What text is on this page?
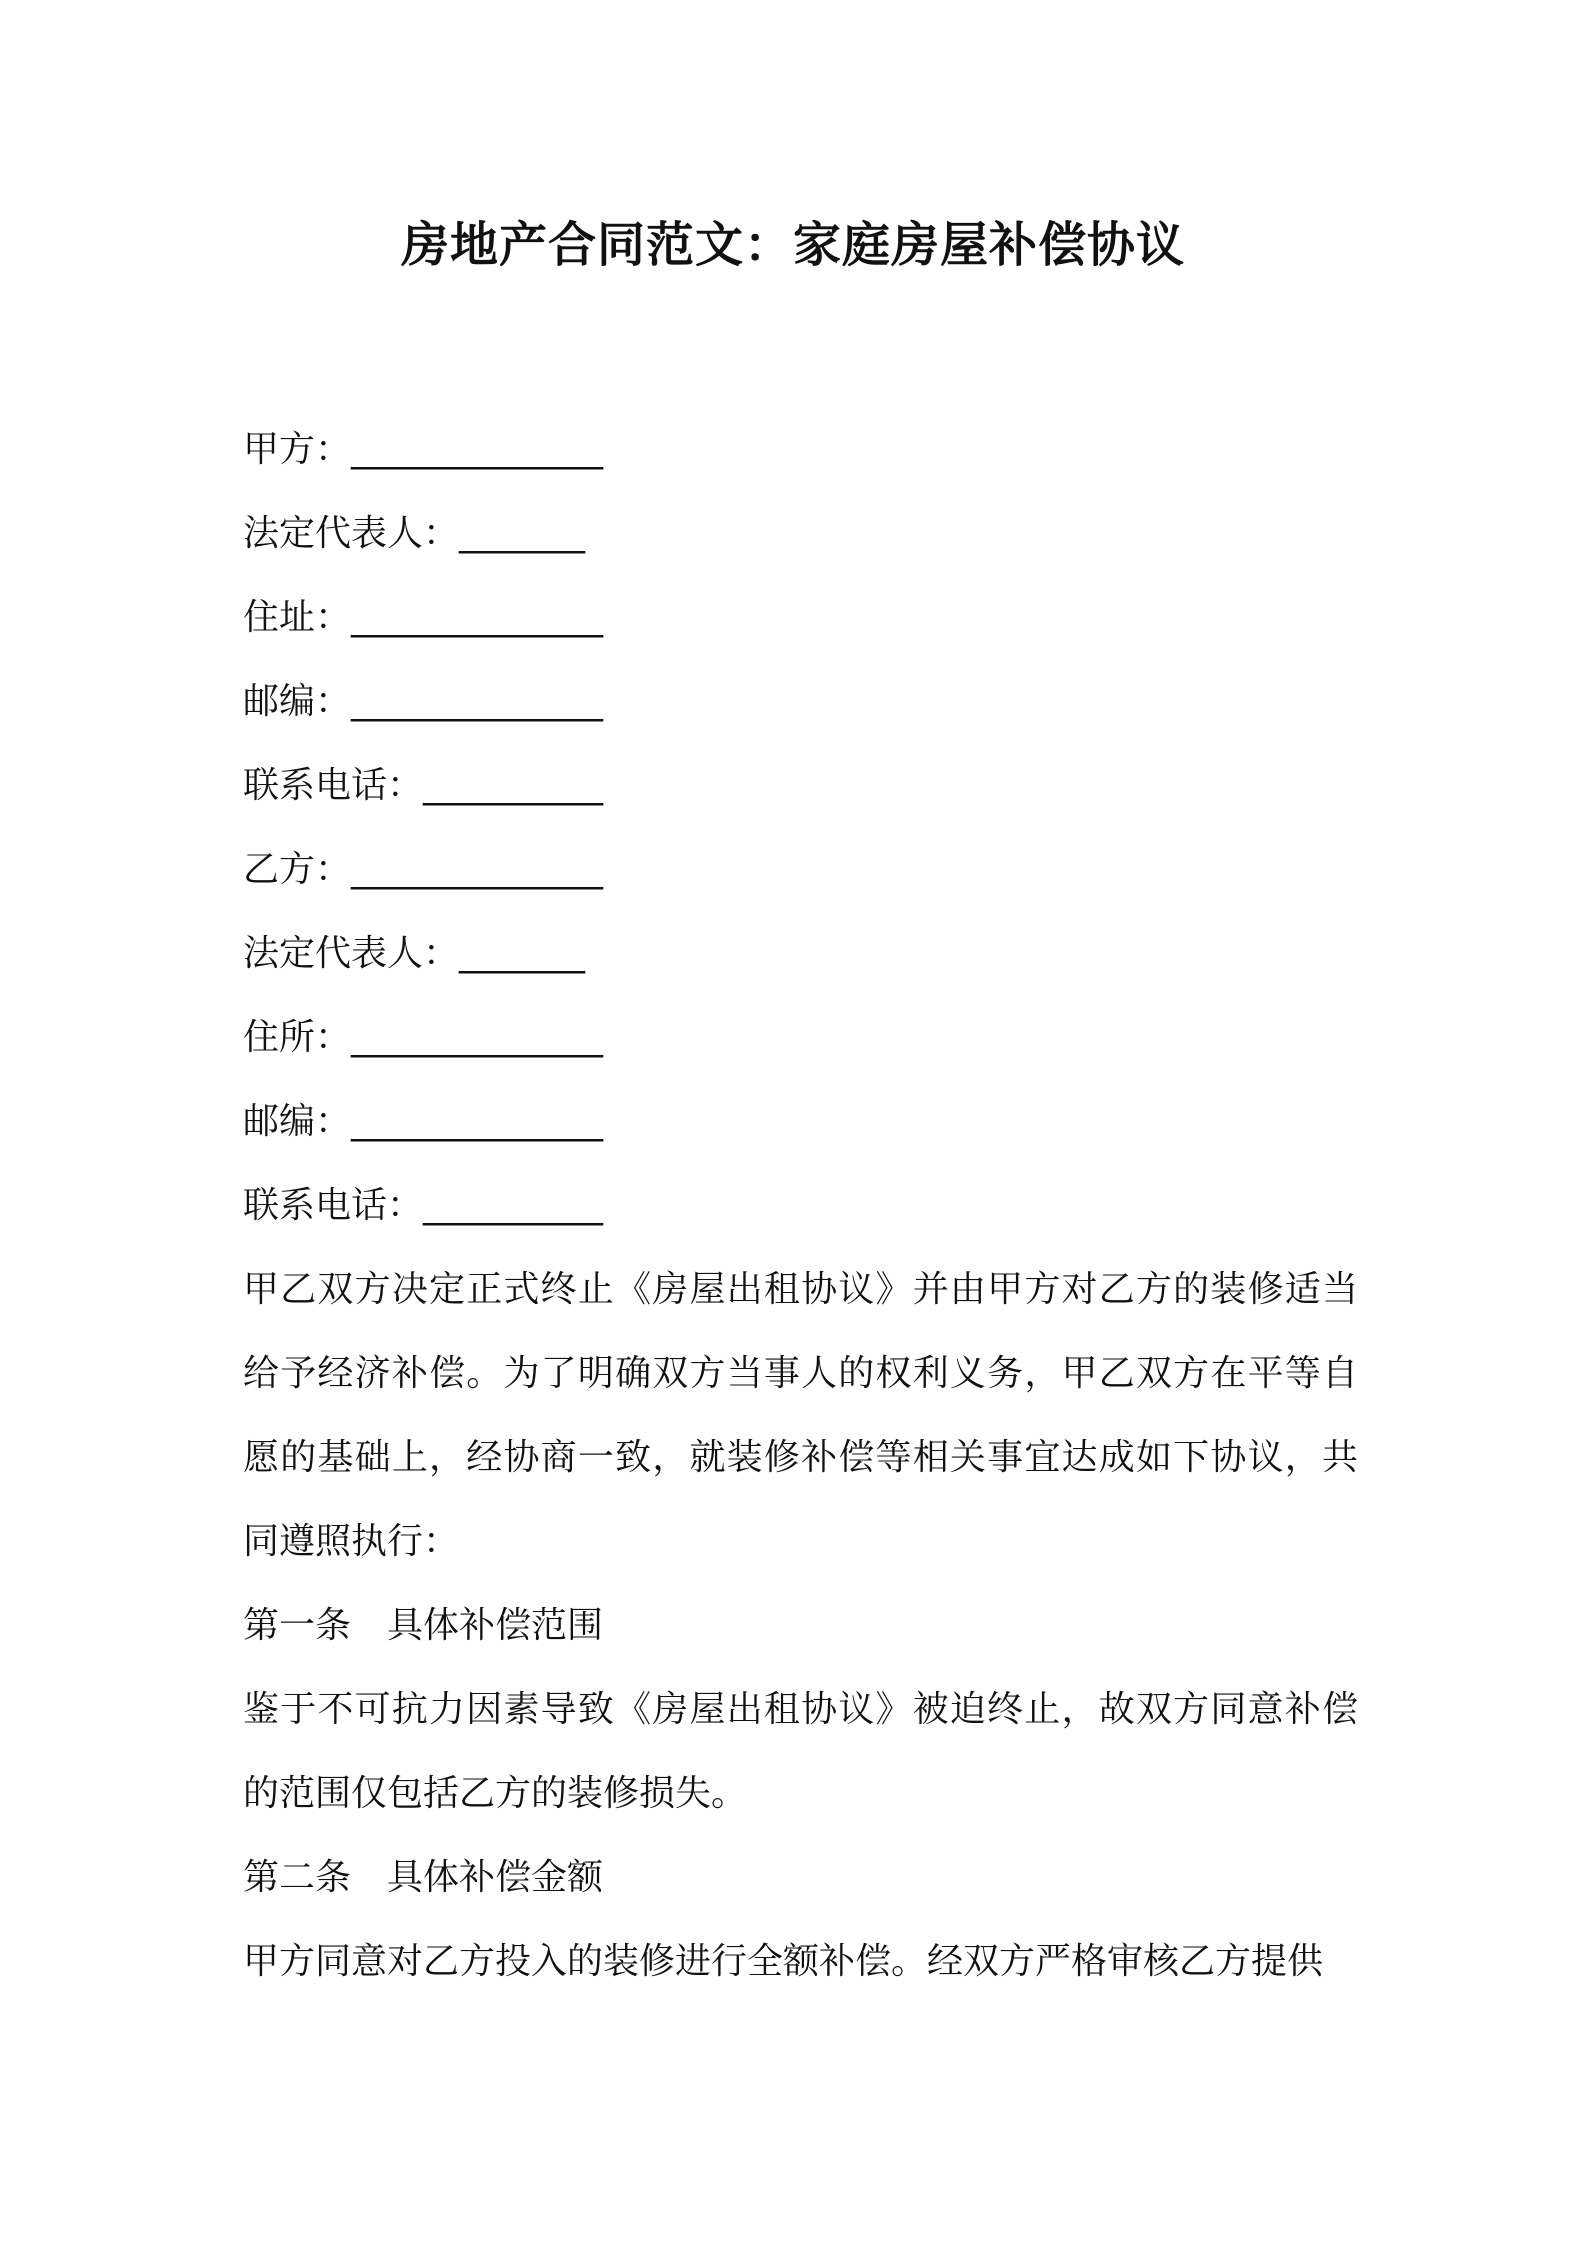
房地产合同范文：家庭房屋补偿协议

甲方：______________

法定代表人：_______

住址：______________

邮编：______________

联系电话：__________

乙方：______________

法定代表人：_______

住所：______________

邮编：______________

联系电话：__________

甲乙双方决定正式终止《房屋出租协议》并由甲方对乙方的装修适当给予经济补偿。为了明确双方当事人的权利义务，甲乙双方在平等自愿的基础上，经协商一致，就装修补偿等相关事宜达成如下协议，共同遵照执行：

第一条　具体补偿范围

鉴于不可抗力因素导致《房屋出租协议》被迫终止，故双方同意补偿的范围仅包括乙方的装修损失。

第二条　具体补偿金额

甲方同意对乙方投入的装修进行全额补偿。经双方严格审核乙方提供
